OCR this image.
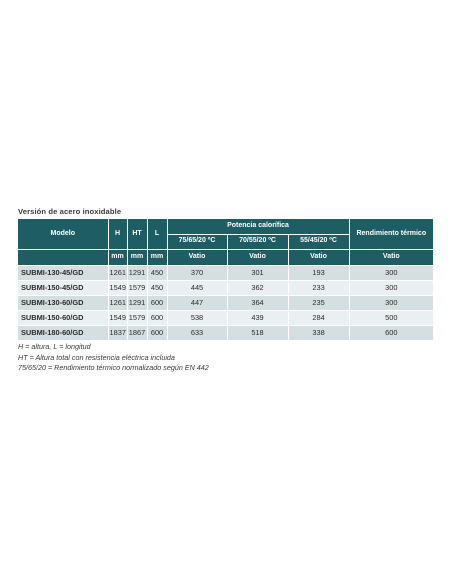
Versión de acero inoxidable
Modelo	H	HT	L	Potencia calorífica			Rendimiento térmico
				75/65/20 ºC	70/55/20 ºC	55/45/20 ºC	
	mm	mm	mm	Vatio	Vatio	Vatio	Vatio
SUBMI-130-45/GD	1261	1291	450	370	301	193	300
SUBMI-150-45/GD	1549	1579	450	445	362	233	300
SUBMI-130-60/GD	1261	1291	600	447	364	235	300
SUBMI-150-60/GD	1549	1579	600	538	439	284	500
SUBMI-180-60/GD	1837	1867	600	633	518	338	600
H = altura, L = longitud
HT = Altura total con resistencia eléctrica incluida
75/65/20 = Rendimiento térmico normalizado según EN 442
